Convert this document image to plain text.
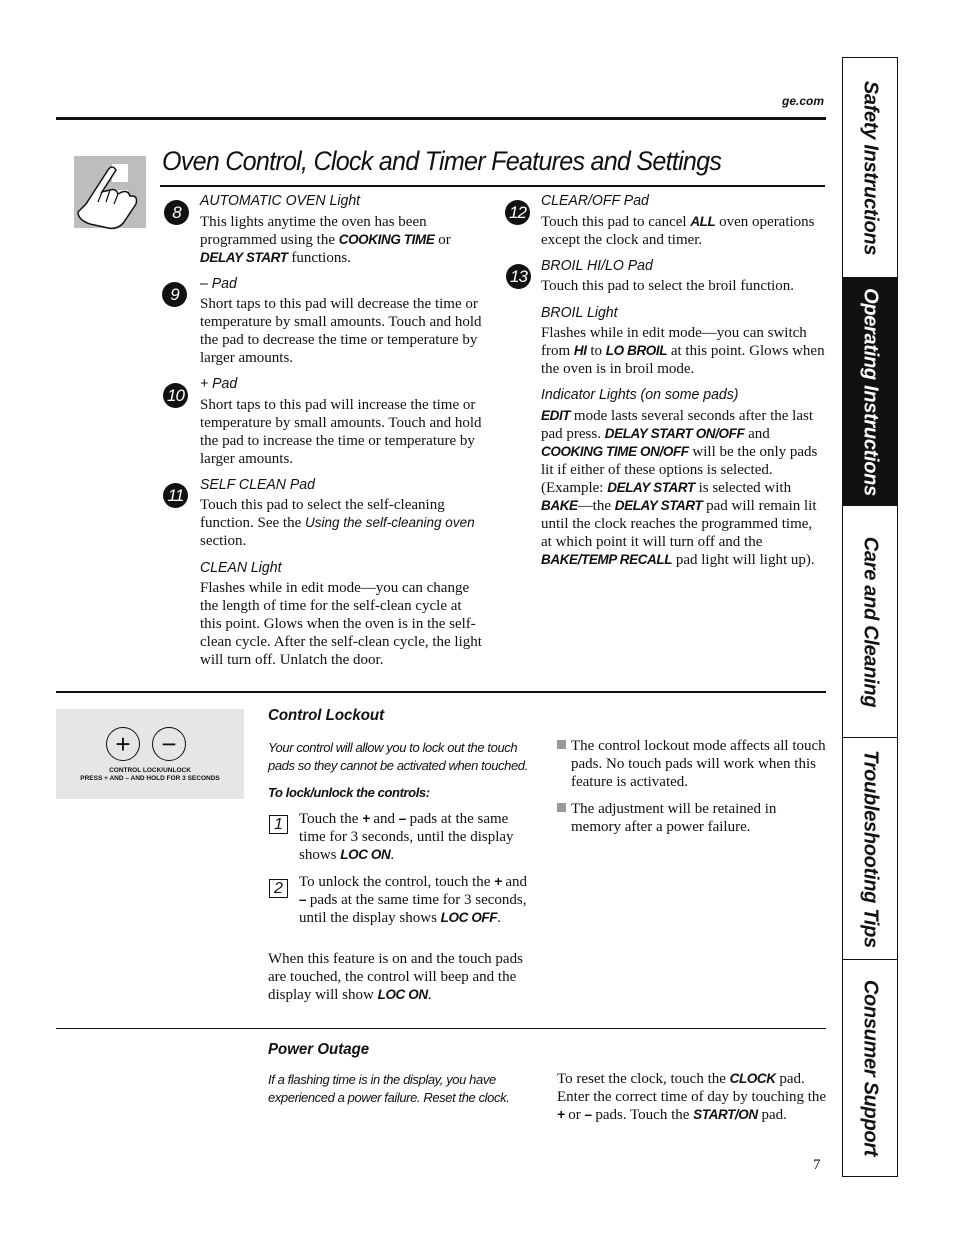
ge.com
Oven Control, Clock and Timer Features and Settings
8
AUTOMATIC OVEN Light
This lights anytime the oven has been programmed using the COOKING TIME or DELAY START functions.
9
– Pad
Short taps to this pad will decrease the time or temperature by small amounts. Touch and hold the pad to decrease the time or temperature by larger amounts.
10
+ Pad
Short taps to this pad will increase the time or temperature by small amounts. Touch and hold the pad to increase the time or temperature by larger amounts.
11
SELF CLEAN Pad
Touch this pad to select the self-cleaning function. See the Using the self-cleaning oven section.
CLEAN Light
Flashes while in edit mode—you can change the length of time for the self-clean cycle at this point. Glows when the oven is in the self-clean cycle. After the self-clean cycle, the light will turn off. Unlatch the door.
12
CLEAR/OFF Pad
Touch this pad to cancel ALL oven operations except the clock and timer.
13
BROIL HI/LO Pad
Touch this pad to select the broil function.
BROIL Light
Flashes while in edit mode—you can switch from HI to LO BROIL at this point. Glows when the oven is in broil mode.
Indicator Lights (on some pads)
EDIT mode lasts several seconds after the last pad press. DELAY START ON/OFF and COOKING TIME ON/OFF will be the only pads lit if either of these options is selected. (Example: DELAY START is selected with BAKE—the DELAY START pad will remain lit until the clock reaches the programmed time, at which point it will turn off and the BAKE/TEMP RECALL pad light will light up).
+	−
CONTROL LOCK/UNLOCK
PRESS + AND – AND HOLD FOR 3 SECONDS
Control Lockout
Your control will allow you to lock out the touch pads so they cannot be activated when touched.
To lock/unlock the controls:
1	Touch the + and – pads at the same time for 3 seconds, until the display shows LOC ON.
2	To unlock the control, touch the + and – pads at the same time for 3 seconds, until the display shows LOC OFF.
When this feature is on and the touch pads are touched, the control will beep and the display will show LOC ON.
The control lockout mode affects all touch pads. No touch pads will work when this feature is activated.
The adjustment will be retained in memory after a power failure.
Power Outage
If a flashing time is in the display, you have experienced a power failure. Reset the clock.
To reset the clock, touch the CLOCK pad. Enter the correct time of day by touching the + or – pads. Touch the START/ON pad.
7
Safety Instructions
Operating Instructions
Care and Cleaning
Troubleshooting Tips
Consumer Support
